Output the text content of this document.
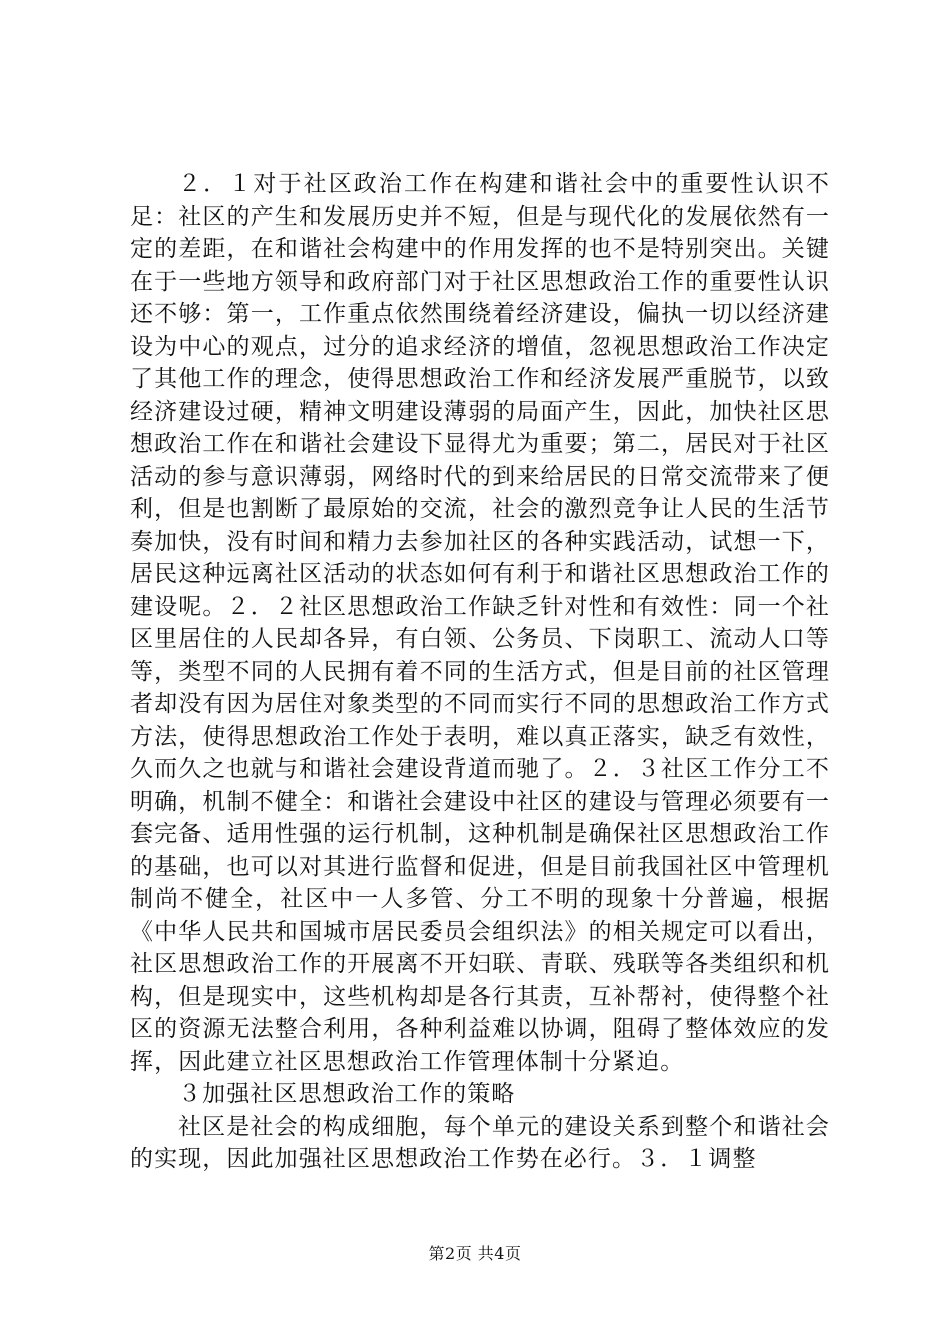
２．１对于社区政治工作在构建和谐社会中的重要性认识不足：社区的产生和发展历史并不短，但是与现代化的发展依然有一定的差距，在和谐社会构建中的作用发挥的也不是特别突出。关键在于一些地方领导和政府部门对于社区思想政治工作的重要性认识还不够：第一，工作重点依然围绕着经济建设，偏执一切以经济建设为中心的观点，过分的追求经济的增值，忽视思想政治工作决定了其他工作的理念，使得思想政治工作和经济发展严重脱节，以致经济建设过硬，精神文明建设薄弱的局面产生，因此，加快社区思想政治工作在和谐社会建设下显得尤为重要；第二，居民对于社区活动的参与意识薄弱，网络时代的到来给居民的日常交流带来了便利，但是也割断了最原始的交流，社会的激烈竞争让人民的生活节奏加快，没有时间和精力去参加社区的各种实践活动，试想一下，居民这种远离社区活动的状态如何有利于和谐社区思想政治工作的建设呢。２．２社区思想政治工作缺乏针对性和有效性：同一个社区里居住的人民却各异，有白领、公务员、下岗职工、流动人口等等，类型不同的人民拥有着不同的生活方式，但是目前的社区管理者却没有因为居住对象类型的不同而实行不同的思想政治工作方式方法，使得思想政治工作处于表明，难以真正落实，缺乏有效性，久而久之也就与和谐社会建设背道而驰了。２．３社区工作分工不明确，机制不健全：和谐社会建设中社区的建设与管理必须要有一套完备、适用性强的运行机制，这种机制是确保社区思想政治工作的基础，也可以对其进行监督和促进，但是目前我国社区中管理机制尚不健全，社区中一人多管、分工不明的现象十分普遍，根据《中华人民共和国城市居民委员会组织法》的相关规定可以看出，社区思想政治工作的开展离不开妇联、青联、残联等各类组织和机构，但是现实中，这些机构却是各行其责，互补帮衬，使得整个社区的资源无法整合利用，各种利益难以协调，阻碍了整体效应的发挥，因此建立社区思想政治工作管理体制十分紧迫。

３加强社区思想政治工作的策略

社区是社会的构成细胞，每个单元的建设关系到整个和谐社会的实现，因此加强社区思想政治工作势在必行。３．１调整

第2页 共4页
